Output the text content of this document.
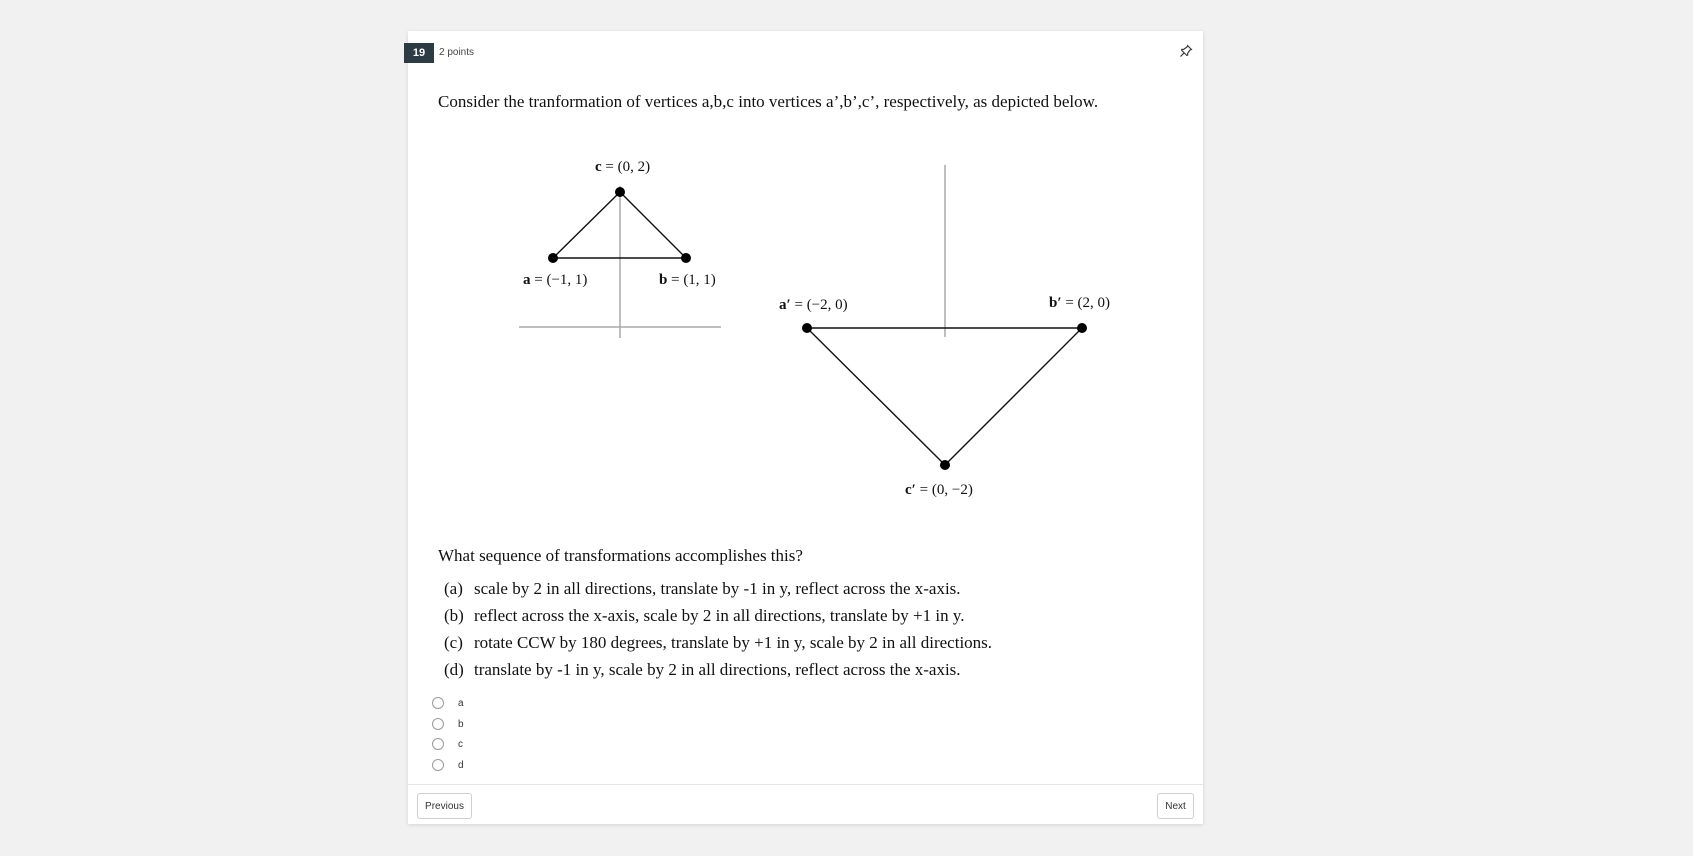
19	2 points
Consider the tranformation of vertices a,b,c into vertices a’,b’,c’, respectively, as depicted below.
c = (0, 2)
a = (−1, 1)	b = (1, 1)
a′ = (−2, 0)	b′ = (2, 0)
c′ = (0, −2)
What sequence of transformations accomplishes this?
(a) scale by 2 in all directions, translate by -1 in y, reflect across the x-axis.
(b) reflect across the x-axis, scale by 2 in all directions, translate by +1 in y.
(c) rotate CCW by 180 degrees, translate by +1 in y, scale by 2 in all directions.
(d) translate by -1 in y, scale by 2 in all directions, reflect across the x-axis.
a
b
c
d
Previous	Next
